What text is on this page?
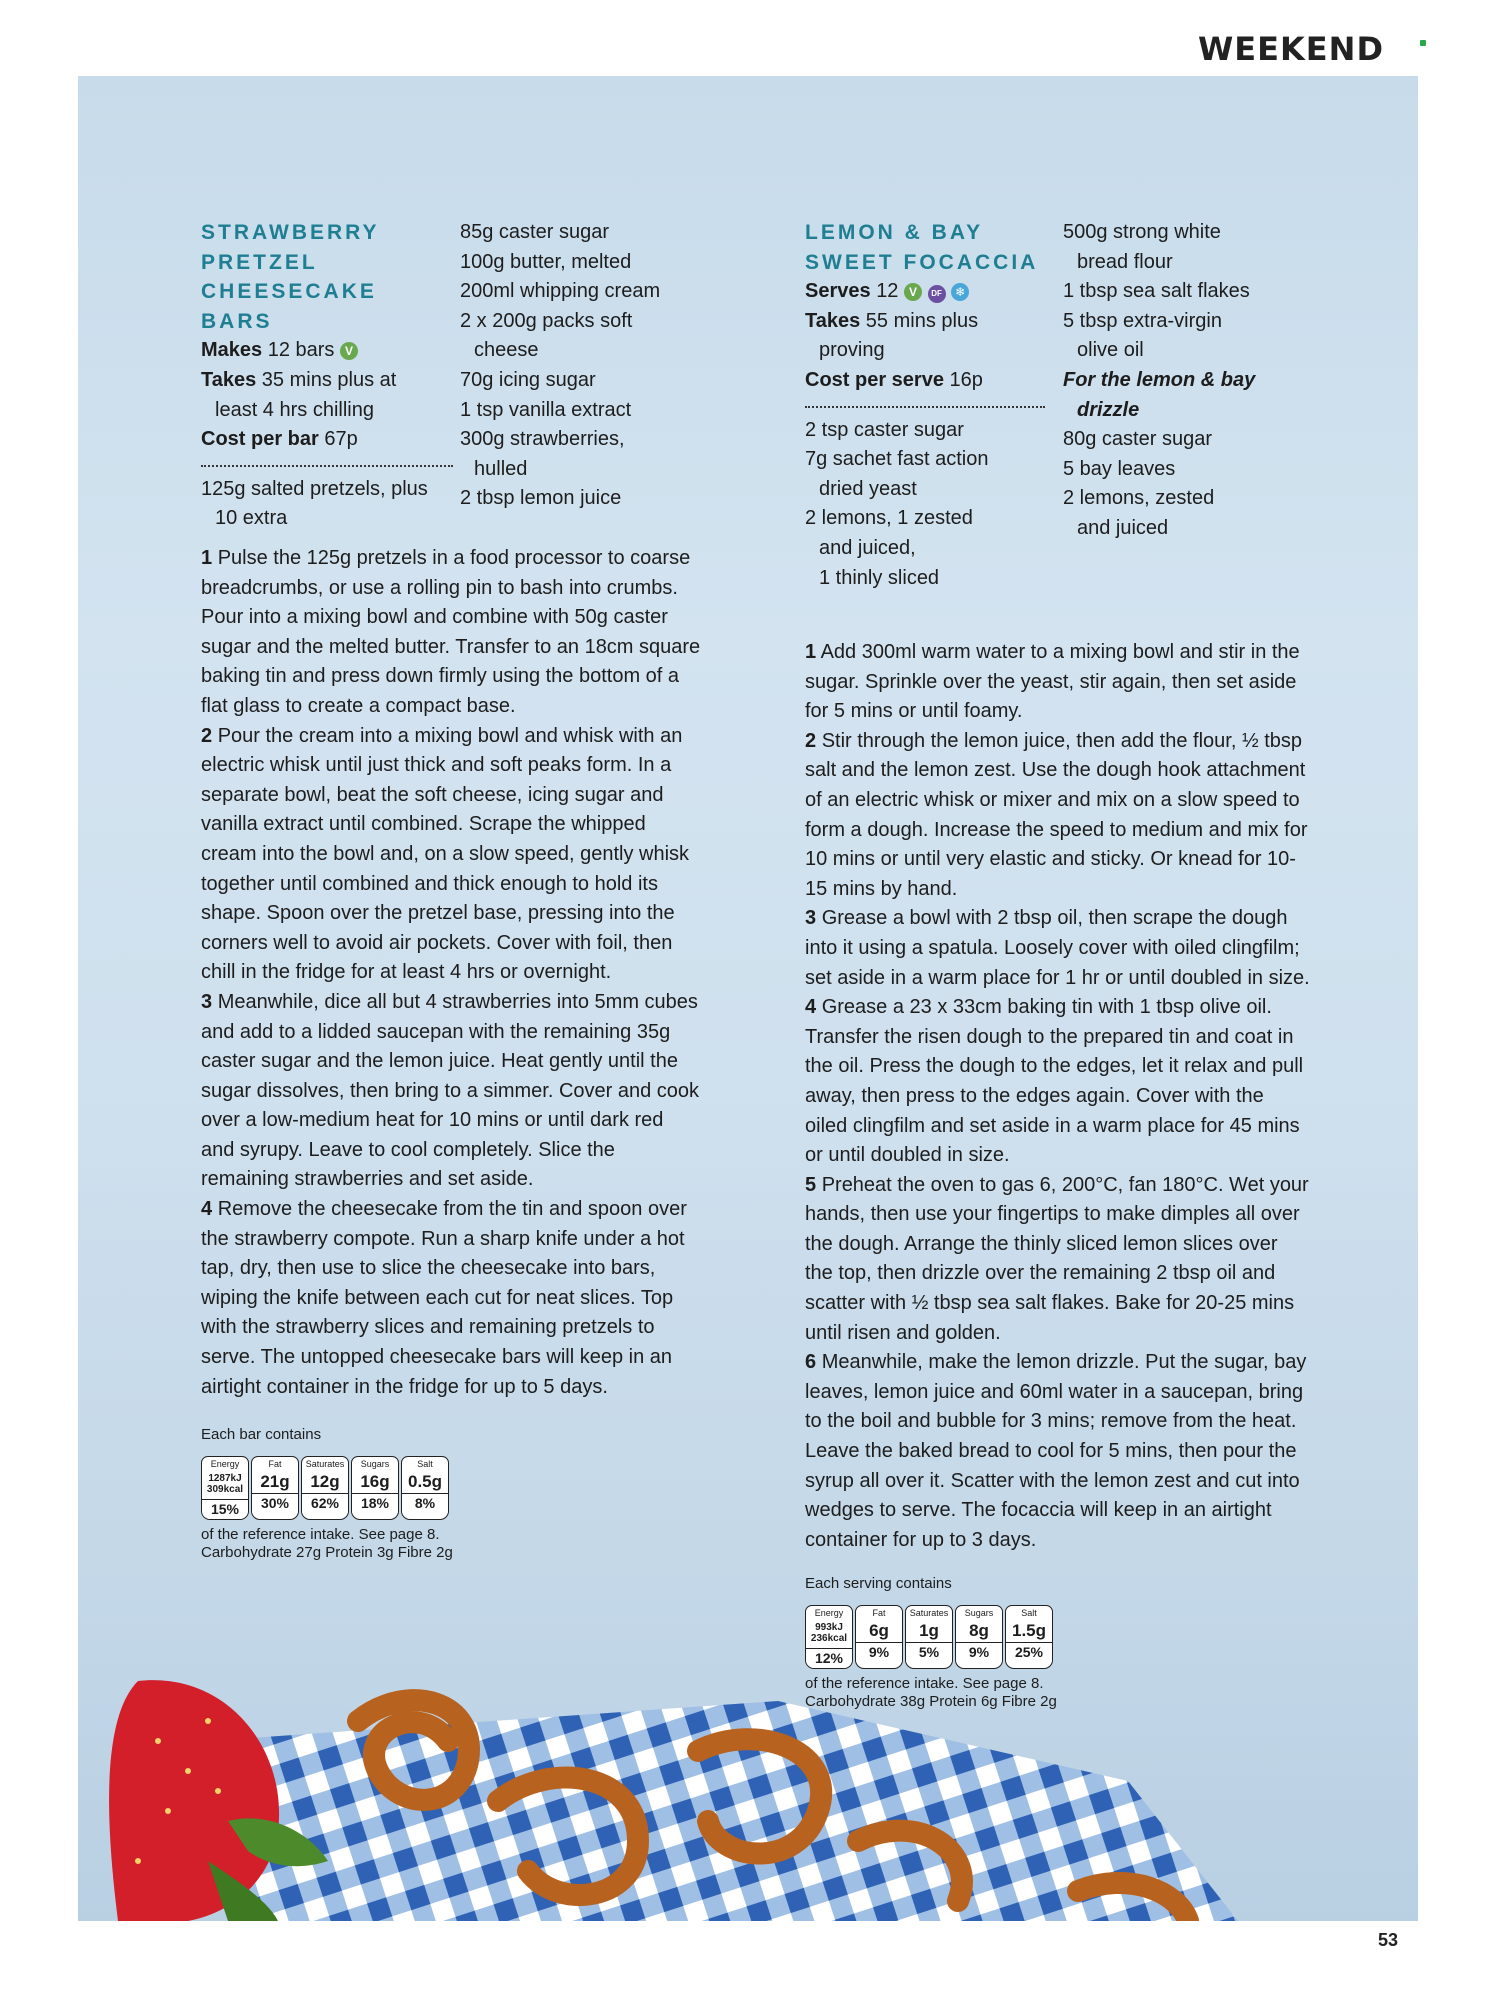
WEEKEND
STRAWBERRY
PRETZEL
CHEESECAKE BARS
Makes 12 bars V
Takes 35 mins plus at
least 4 hrs chilling
Cost per bar 67p
125g salted pretzels, plus
10 extra
85g caster sugar
100g butter, melted
200ml whipping cream
2 x 200g packs soft
cheese
70g icing sugar
1 tsp vanilla extract
300g strawberries,
hulled
2 tbsp lemon juice

1 Pulse the 125g pretzels in a food processor to coarse breadcrumbs, or use a rolling pin to bash into crumbs. Pour into a mixing bowl and combine with 50g caster sugar and the melted butter. Transfer to an 18cm square baking tin and press down firmly using the bottom of a flat glass to create a compact base.

2 Pour the cream into a mixing bowl and whisk with an electric whisk until just thick and soft peaks form. In a separate bowl, beat the soft cheese, icing sugar and vanilla extract until combined. Scrape the whipped cream into the bowl and, on a slow speed, gently whisk together until combined and thick enough to hold its shape. Spoon over the pretzel base, pressing into the corners well to avoid air pockets. Cover with foil, then chill in the fridge for at least 4 hrs or overnight.

3 Meanwhile, dice all but 4 strawberries into 5mm cubes and add to a lidded saucepan with the remaining 35g caster sugar and the lemon juice. Heat gently until the sugar dissolves, then bring to a simmer. Cover and cook over a low-medium heat for 10 mins or until dark red and syrupy. Leave to cool completely. Slice the remaining strawberries and set aside.

4 Remove the cheesecake from the tin and spoon over the strawberry compote. Run a sharp knife under a hot tap, dry, then use to slice the cheesecake into bars, wiping the knife between each cut for neat slices. Top with the strawberry slices and remaining pretzels to serve. The untopped cheesecake bars will keep in an airtight container in the fridge for up to 5 days.

Each bar contains
Energy
1287kJ
309kcal
15%
Fat
21g
30%
Saturates
12g
62%
Sugars
16g
18%
Salt
0.5g
8%
of the reference intake. See page 8.
Carbohydrate 27g Protein 3g Fibre 2g
LEMON & BAY
SWEET FOCACCIA
Serves 12 V DF ❄
Takes 55 mins plus
proving
Cost per serve 16p
2 tsp caster sugar
7g sachet fast action
dried yeast
2 lemons, 1 zested
and juiced,
1 thinly sliced
500g strong white
bread flour
1 tbsp sea salt flakes
5 tbsp extra-virgin
olive oil
For the lemon & bay
drizzle
80g caster sugar
5 bay leaves
2 lemons, zested
and juiced

1 Add 300ml warm water to a mixing bowl and stir in the sugar. Sprinkle over the yeast, stir again, then set aside for 5 mins or until foamy.

2 Stir through the lemon juice, then add the flour, ½ tbsp salt and the lemon zest. Use the dough hook attachment of an electric whisk or mixer and mix on a slow speed to form a dough. Increase the speed to medium and mix for 10 mins or until very elastic and sticky. Or knead for 10-15 mins by hand.

3 Grease a bowl with 2 tbsp oil, then scrape the dough into it using a spatula. Loosely cover with oiled clingfilm; set aside in a warm place for 1 hr or until doubled in size.

4 Grease a 23 x 33cm baking tin with 1 tbsp olive oil. Transfer the risen dough to the prepared tin and coat in the oil. Press the dough to the edges, let it relax and pull away, then press to the edges again. Cover with the oiled clingfilm and set aside in a warm place for 45 mins or until doubled in size.

5 Preheat the oven to gas 6, 200°C, fan 180°C. Wet your hands, then use your fingertips to make dimples all over the dough. Arrange the thinly sliced lemon slices over the top, then drizzle over the remaining 2 tbsp oil and scatter with ½ tbsp sea salt flakes. Bake for 20-25 mins until risen and golden.

6 Meanwhile, make the lemon drizzle. Put the sugar, bay leaves, lemon juice and 60ml water in a saucepan, bring to the boil and bubble for 3 mins; remove from the heat. Leave the baked bread to cool for 5 mins, then pour the syrup all over it. Scatter with the lemon zest and cut into wedges to serve. The focaccia will keep in an airtight container for up to 3 days.

Each serving contains
Energy
993kJ
236kcal
12%
Fat
6g
9%
Saturates
1g
5%
Sugars
8g
9%
Salt
1.5g
25%
of the reference intake. See page 8.
Carbohydrate 38g Protein 6g Fibre 2g
53
